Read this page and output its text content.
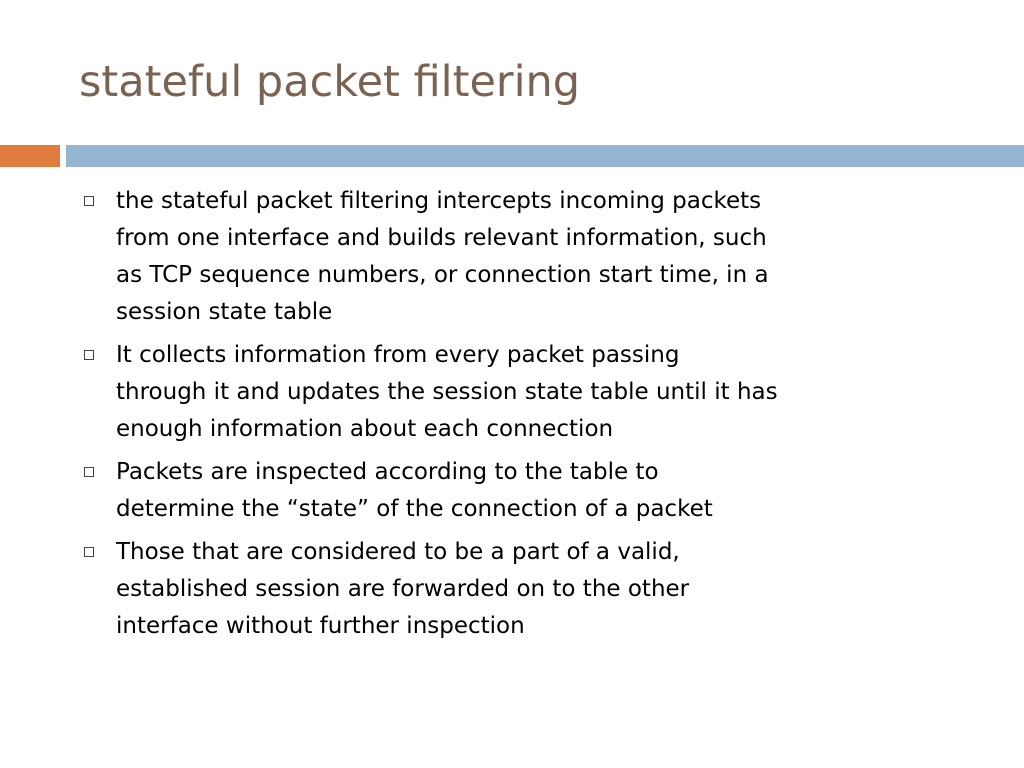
stateful packet filtering
the stateful packet filtering intercepts incoming packets
from one interface and builds relevant information, such
as TCP sequence numbers, or connection start time, in a
session state table
It collects information from every packet passing
through it and updates the session state table until it has
enough information about each connection
Packets are inspected according to the table to
determine the “state” of the connection of a packet
Those that are considered to be a part of a valid,
established session are forwarded on to the other
interface without further inspection
